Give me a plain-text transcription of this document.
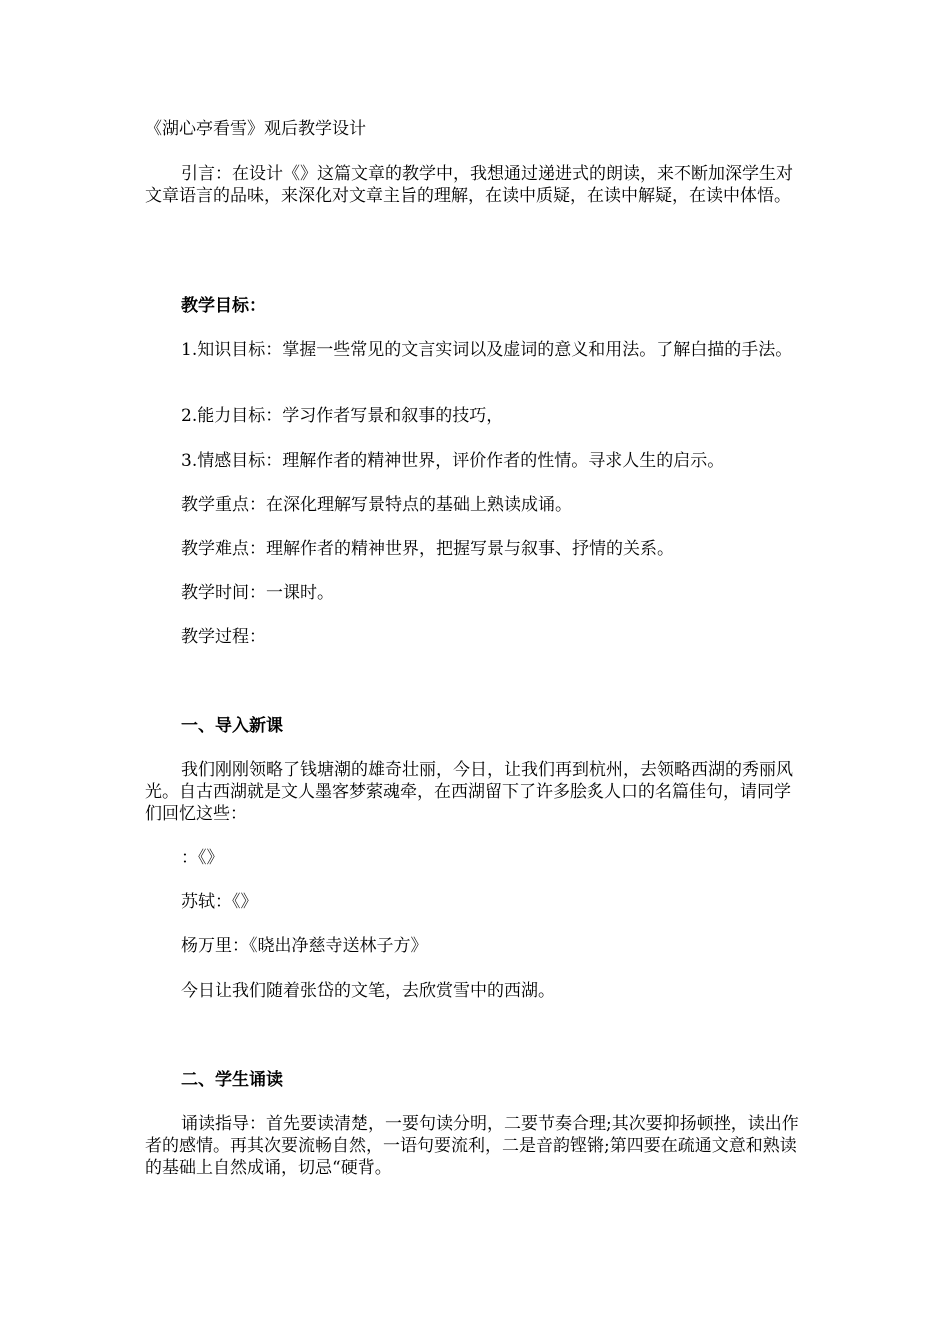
《湖心亭看雪》观后教学设计

引言：在设计《》这篇文章的教学中，我想通过递进式的朗读，来不断加深学生对文章语言的品味，来深化对文章主旨的理解，在读中质疑，在读中解疑，在读中体悟。

教学目标：

1.知识目标：掌握一些常见的文言实词以及虚词的意义和用法。了解白描的手法。

2.能力目标：学习作者写景和叙事的技巧，

3.情感目标：理解作者的精神世界，评价作者的性情。寻求人生的启示。

教学重点：在深化理解写景特点的基础上熟读成诵。

教学难点：理解作者的精神世界，把握写景与叙事、抒情的关系。

教学时间：一课时。

教学过程：

一、导入新课

我们刚刚领略了钱塘潮的雄奇壮丽，今日，让我们再到杭州，去领略西湖的秀丽风光。自古西湖就是文人墨客梦萦魂牵，在西湖留下了许多脍炙人口的名篇佳句，请同学们回忆这些：

：《》

苏轼：《》

杨万里：《晓出净慈寺送林子方》

今日让我们随着张岱的文笔，去欣赏雪中的西湖。

二、学生诵读

诵读指导：首先要读清楚，一要句读分明，二要节奏合理;其次要抑扬顿挫，读出作者的感情。再其次要流畅自然，一语句要流利，二是音韵铿锵;第四要在疏通文意和熟读的基础上自然成诵，切忌“硬背。
